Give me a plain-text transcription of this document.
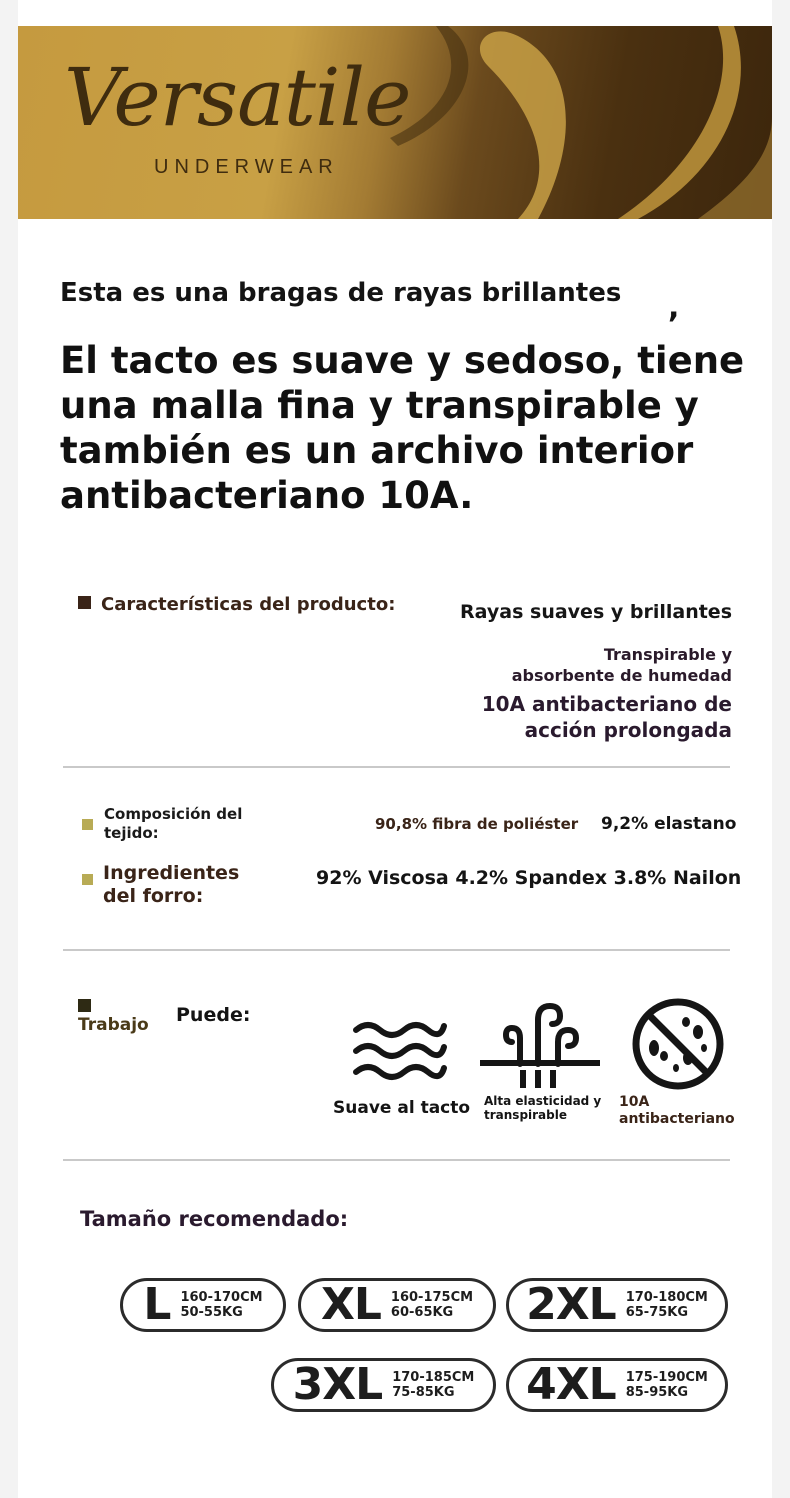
Versatile
UNDERWEAR
Esta es una bragas de rayas brillantes ,
El tacto es suave y sedoso, tiene una malla fina y transpirable y también es un archivo interior antibacteriano 10A.
Características del producto:	Rayas suaves y brillantes
Transpirable y absorbente de humedad
10A antibacteriano de acción prolongada
Composición del tejido:	90,8% fibra de poliéster 9,2% elastano
Ingredientes del forro:
92% Viscosa 4.2% Spandex 3.8% Nailon
Trabajo Puede:
Suave al tacto Alta elasticidad y transpirable
10A antibacteriano
Tamaño recomendado:
L 160-170CM
50-55KG	XL 160-175CM
60-65KG	2XL 170-180CM
65-75KG
3XL 170-185CM
75-85KG	4XL 175-190CM
85-95KG
